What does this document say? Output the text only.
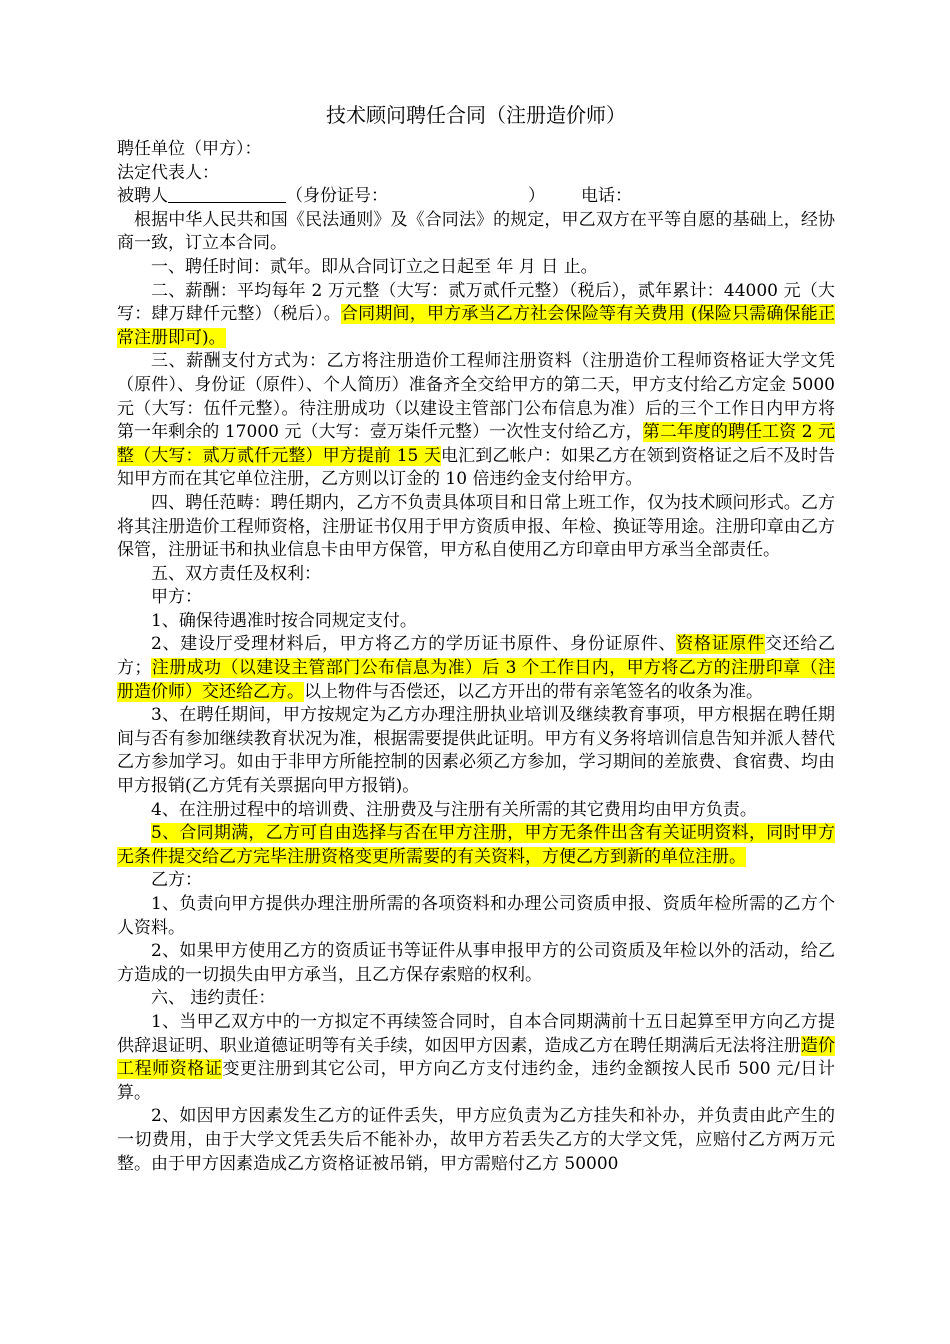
技术顾问聘任合同（注册造价师）

聘任单位（甲方）：

法定代表人：

被聘人	（身份证号：	） 电话：

根据中华人民共和国《民法通则》及《合同法》的规定，甲乙双方在平等自愿的基础上，经协商一致，订立本合同。

一、聘任时间：贰年。即从合同订立之日起至 年 月 日 止。

二、薪酬：平均每年 2 万元整（大写：贰万贰仟元整）（税后），贰年累计：44000 元（大写：肆万肆仟元整）（税后）。合同期间，甲方承当乙方社会保险等有关费用 (保险只需确保能正常注册即可)。

三、薪酬支付方式为：乙方将注册造价工程师注册资料（注册造价工程师资格证大学文凭（原件）、身份证（原件）、个人简历）准备齐全交给甲方的第二天，甲方支付给乙方定金 5000 元（大写：伍仟元整）。待注册成功（以建设主管部门公布信息为准）后的三个工作日内甲方将第一年剩余的 17000 元（大写：壹万柒仟元整）一次性支付给乙方，第二年度的聘任工资 2 元整（大写：贰万贰仟元整）甲方提前 15 天电汇到乙帐户：如果乙方在领到资格证之后不及时告知甲方而在其它单位注册，乙方则以订金的 10 倍违约金支付给甲方。

四、聘任范畴：聘任期内，乙方不负责具体项目和日常上班工作，仅为技术顾问形式。乙方将其注册造价工程师资格，注册证书仅用于甲方资质申报、年检、换证等用途。注册印章由乙方保管，注册证书和执业信息卡由甲方保管，甲方私自使用乙方印章由甲方承当全部责任。

五、双方责任及权利：

甲方：

1、确保待遇准时按合同规定支付。

2、建设厅受理材料后，甲方将乙方的学历证书原件、身份证原件、资格证原件交还给乙方；注册成功（以建设主管部门公布信息为准）后 3 个工作日内，甲方将乙方的注册印章（注册造价师）交还给乙方。以上物件与否偿还，以乙方开出的带有亲笔签名的收条为准。

3、在聘任期间，甲方按规定为乙方办理注册执业培训及继续教育事项，甲方根据在聘任期间与否有参加继续教育状况为准，根据需要提供此证明。甲方有义务将培训信息告知并派人替代乙方参加学习。如由于非甲方所能控制的因素必须乙方参加，学习期间的差旅费、食宿费、均由甲方报销(乙方凭有关票据向甲方报销)。

4、在注册过程中的培训费、注册费及与注册有关所需的其它费用均由甲方负责。

5、合同期满，乙方可自由选择与否在甲方注册，甲方无条件出含有关证明资料，同时甲方无条件提交给乙方完毕注册资格变更所需要的有关资料，方便乙方到新的单位注册。

乙方：

1、负责向甲方提供办理注册所需的各项资料和办理公司资质申报、资质年检所需的乙方个人资料。

2、如果甲方使用乙方的资质证书等证件从事申报甲方的公司资质及年检以外的活动，给乙方造成的一切损失由甲方承当，且乙方保存索赔的权利。

六、 违约责任：

1、当甲乙双方中的一方拟定不再续签合同时，自本合同期满前十五日起算至甲方向乙方提供辞退证明、职业道德证明等有关手续，如因甲方因素，造成乙方在聘任期满后无法将注册造价工程师资格证变更注册到其它公司，甲方向乙方支付违约金，违约金额按人民币 500 元/日计算。

2、如因甲方因素发生乙方的证件丢失，甲方应负责为乙方挂失和补办，并负责由此产生的一切费用，由于大学文凭丢失后不能补办，故甲方若丢失乙方的大学文凭，应赔付乙方两万元整。由于甲方因素造成乙方资格证被吊销，甲方需赔付乙方 50000
